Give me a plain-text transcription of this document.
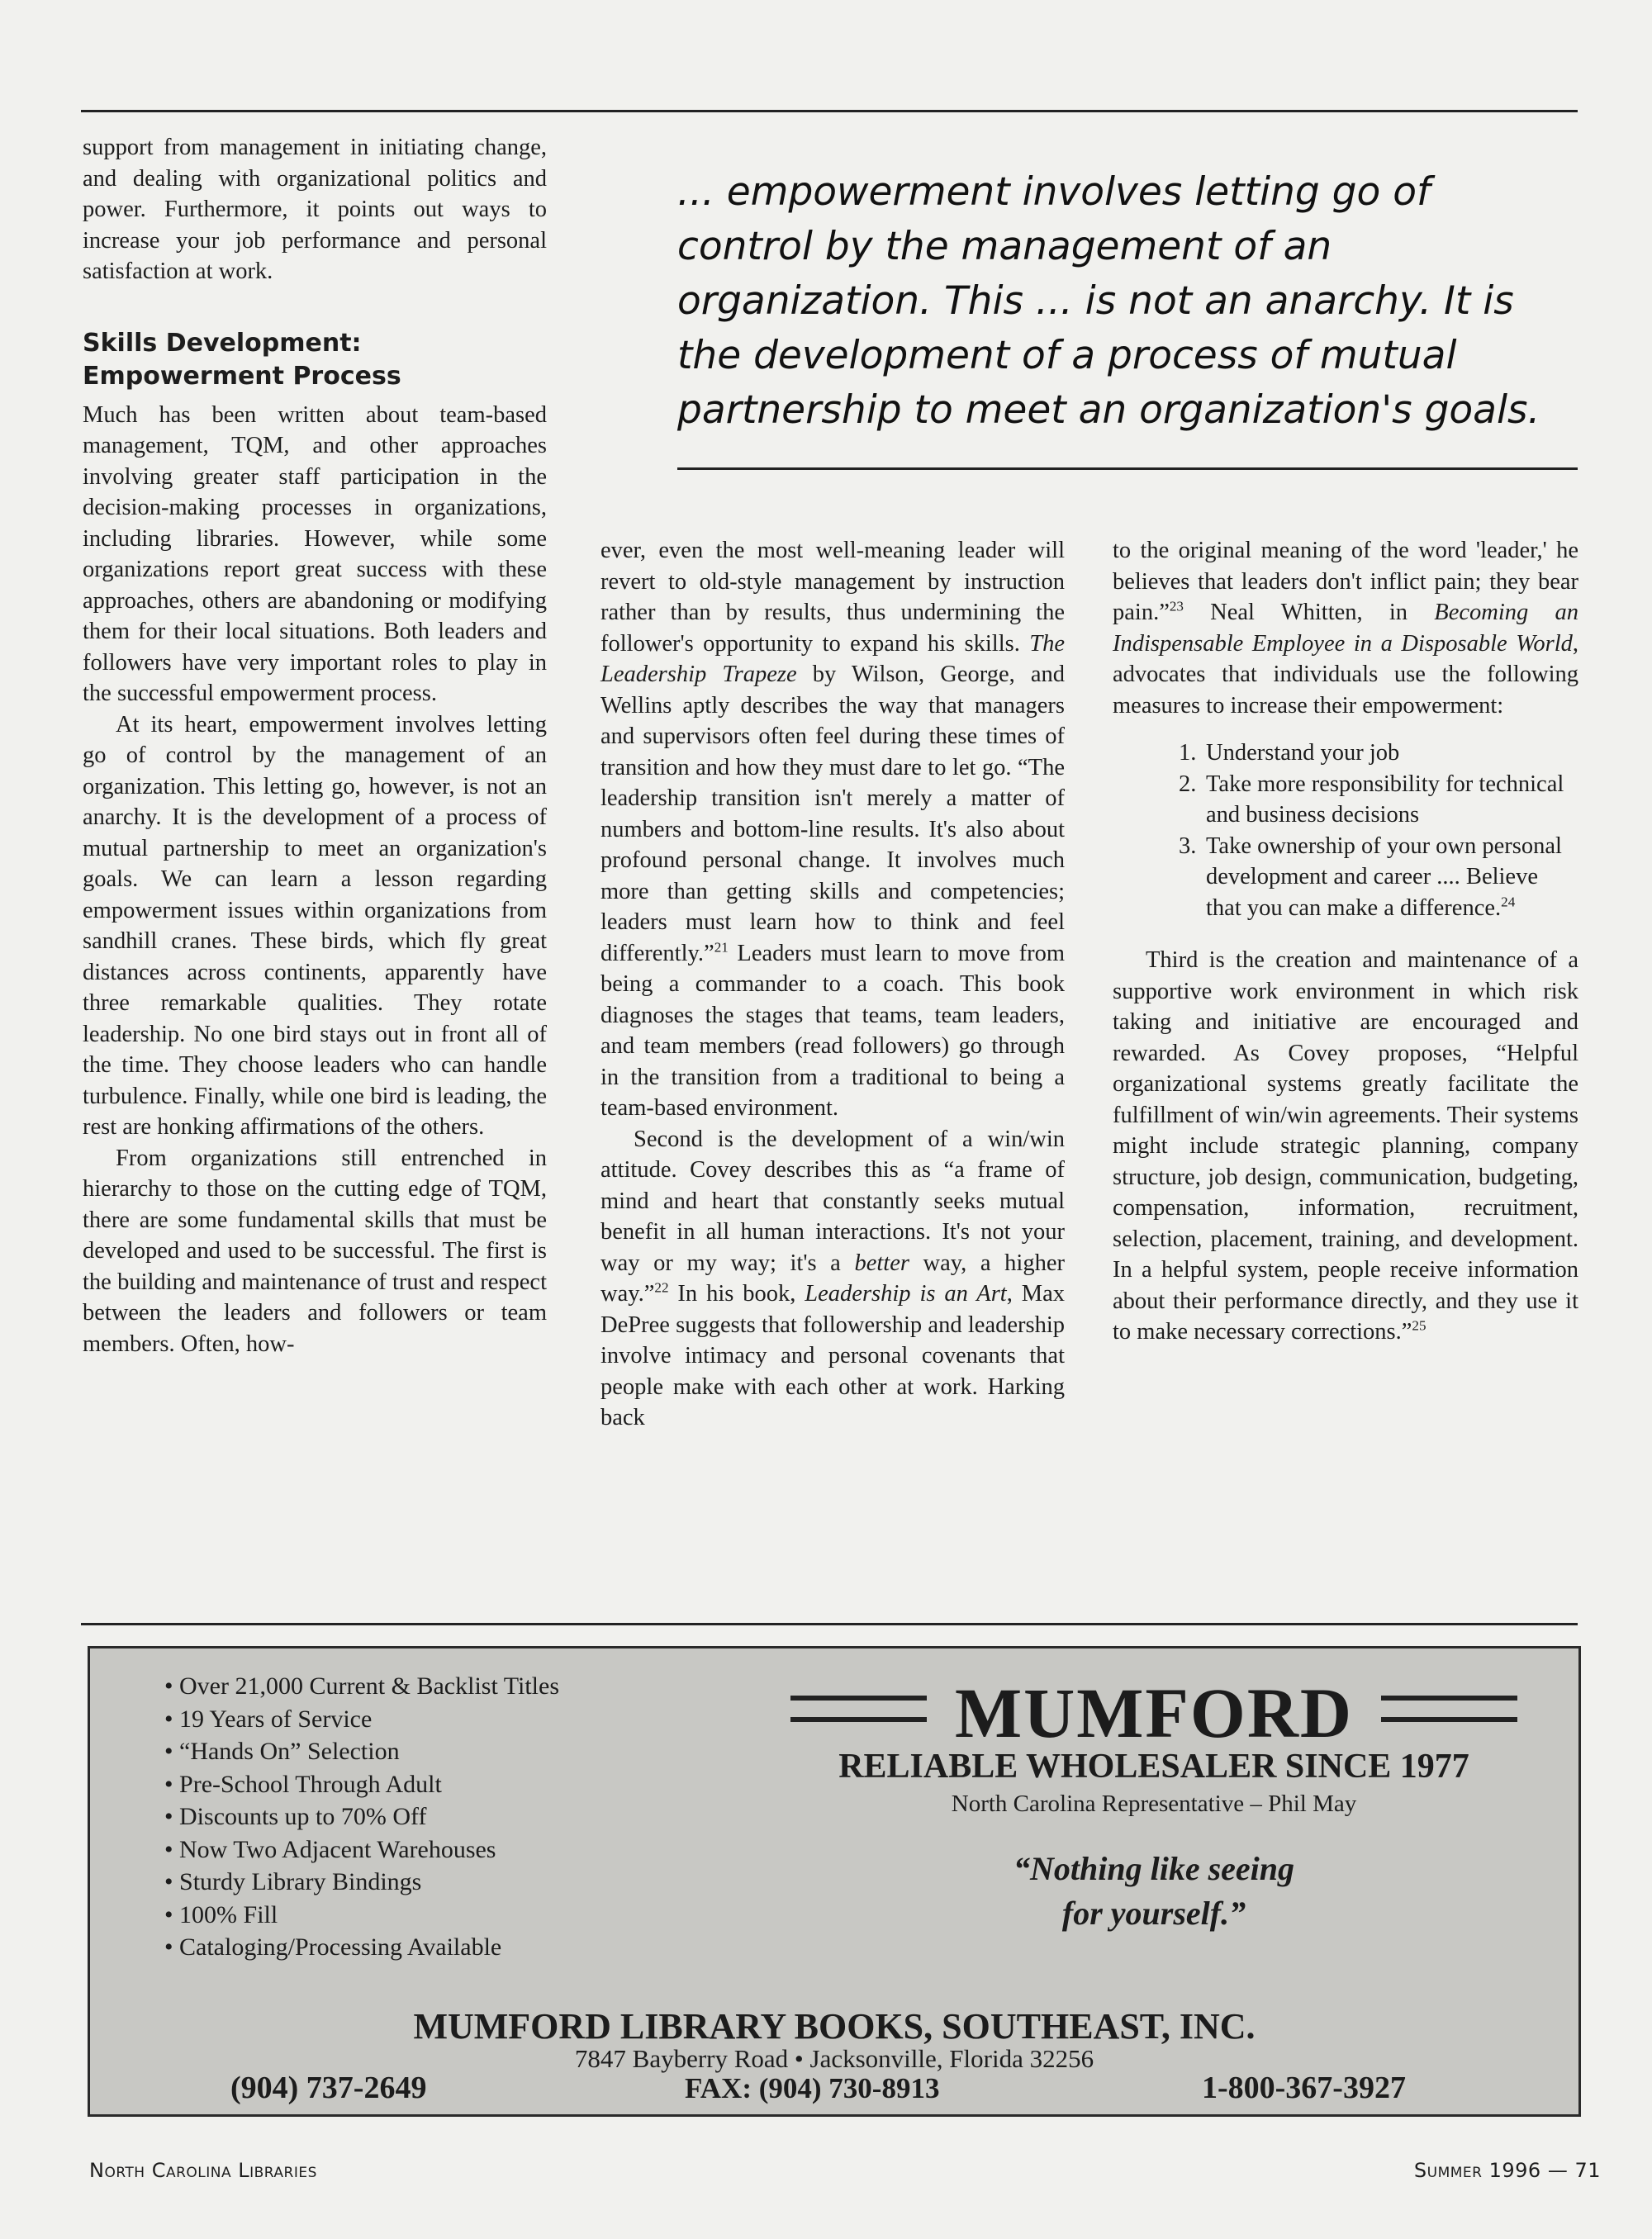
support from management in initiating change, and dealing with organizational politics and power. Furthermore, it points out ways to increase your job performance and personal satisfaction at work.

Skills Development:
Empowerment Process

Much has been written about team-based management, TQM, and other approaches involving greater staff participation in the decision-making processes in organizations, including libraries. However, while some organizations report great success with these approaches, others are abandoning or modifying them for their local situations. Both leaders and followers have very important roles to play in the successful empowerment process.

At its heart, empowerment involves letting go of control by the management of an organization. This letting go, however, is not an anarchy. It is the development of a process of mutual partnership to meet an organization's goals. We can learn a lesson regarding empowerment issues within organizations from sandhill cranes. These birds, which fly great distances across continents, apparently have three remarkable qualities. They rotate leadership. No one bird stays out in front all of the time. They choose leaders who can handle turbulence. Finally, while one bird is leading, the rest are honking affirmations of the others.

From organizations still entrenched in hierarchy to those on the cutting edge of TQM, there are some fundamental skills that must be developed and used to be successful. The first is the building and maintenance of trust and respect between the leaders and followers or team members. Often, how-

... empowerment involves letting go of control by the management of an organization. This ... is not an anarchy. It is the development of a process of mutual partnership to meet an organization's goals.

ever, even the most well-meaning leader will revert to old-style management by instruction rather than by results, thus undermining the follower's opportunity to expand his skills. The Leadership Trapeze by Wilson, George, and Wellins aptly describes the way that managers and supervisors often feel during these times of transition and how they must dare to let go. “The leadership transition isn't merely a matter of numbers and bottom-line results. It's also about profound personal change. It involves much more than getting skills and competencies; leaders must learn how to think and feel differently.”$^{21}$ Leaders must learn to move from being a commander to a coach. This book diagnoses the stages that teams, team leaders, and team members (read followers) go through in the transition from a traditional to being a team-based environment.

Second is the development of a win/win attitude. Covey describes this as “a frame of mind and heart that constantly seeks mutual benefit in all human interactions. It's not your way or my way; it's a better way, a higher way.”$^{22}$ In his book, Leadership is an Art, Max DePree suggests that followership and leadership involve intimacy and personal covenants that people make with each other at work. Harking back

to the original meaning of the word 'leader,' he believes that leaders don't inflict pain; they bear pain.”$^{23}$ Neal Whitten, in Becoming an Indispensable Employee in a Disposable World, advocates that individuals use the following measures to increase their empowerment:

1. Understand your job
2. Take more responsibility for technical and business decisions
3. Take ownership of your own personal development and career .... Believe that you can make a difference.$^{24}$

Third is the creation and maintenance of a supportive work environment in which risk taking and initiative are encouraged and rewarded. As Covey proposes, “Helpful organizational systems greatly facilitate the fulfillment of win/win agreements. Their systems might include strategic planning, company structure, job design, communication, budgeting, compensation, information, recruitment, selection, placement, training, and development. In a helpful system, people receive information about their performance directly, and they use it to make necessary corrections.”$^{25}$

• Over 21,000 Current & Backlist Titles
• 19 Years of Service
• “Hands On” Selection
• Pre-School Through Adult
• Discounts up to 70% Off
• Now Two Adjacent Warehouses
• Sturdy Library Bindings
• 100% Fill
• Cataloging/Processing Available
MUMFORD
RELIABLE WHOLESALER SINCE 1977
North Carolina Representative – Phil May
“Nothing like seeing
for yourself.”
MUMFORD LIBRARY BOOKS, SOUTHEAST, INC.
7847 Bayberry Road • Jacksonville, Florida 32256
(904) 737-2649	FAX: (904) 730-8913	1-800-367-3927
North Carolina Libraries	Summer 1996 — 71
